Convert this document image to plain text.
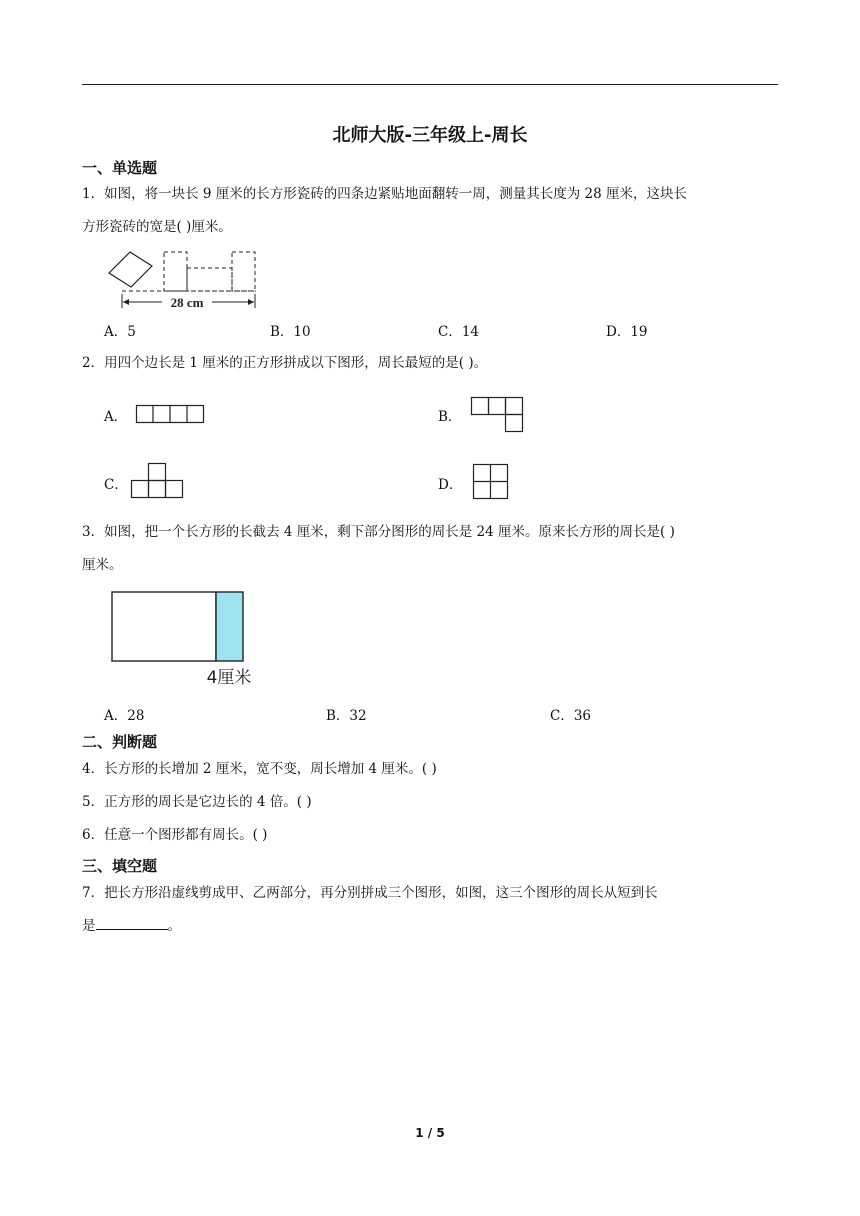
北师大版-三年级上-周长
一、单选题
1．如图，将一块长 9 厘米的长方形瓷砖的四条边紧贴地面翻转一周，测量其长度为 28 厘米，这块长
方形瓷砖的宽是( )厘米。
28 cm
A．5	B．10	C．14	D．19
2．用四个边长是 1 厘米的正方形拼成以下图形，周长最短的是( )。
A．	B．
C．	D．
3．如图，把一个长方形的长截去 4 厘米，剩下部分图形的周长是 24 厘米。原来长方形的周长是( )
厘米。
4厘米
A．28	B．32	C．36
二、判断题
4．长方形的长增加 2 厘米，宽不变，周长增加 4 厘米。( )
5．正方形的周长是它边长的 4 倍。( )
6．任意一个图形都有周长。( )
三、填空题
7．把长方形沿虚线剪成甲、乙两部分，再分别拼成三个图形，如图，这三个图形的周长从短到长
是	。
1 / 5
